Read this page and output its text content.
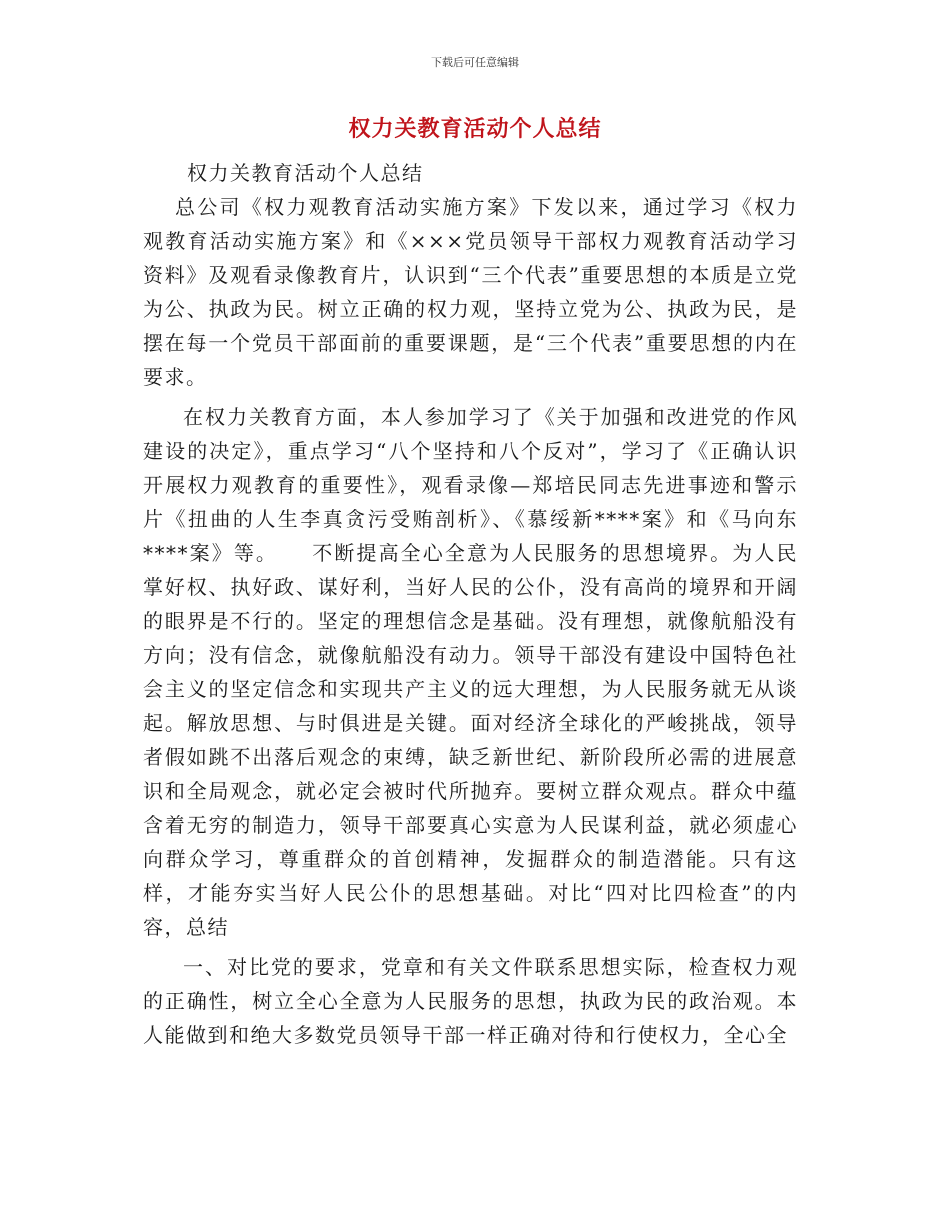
下载后可任意编辑
权力关教育活动个人总结

权力关教育活动个人总结

总公司《权力观教育活动实施方案》下发以来，通过学习《权力观教育活动实施方案》和《×××党员领导干部权力观教育活动学习资料》及观看录像教育片，认识到“三个代表”重要思想的本质是立党为公、执政为民。树立正确的权力观，坚持立党为公、执政为民，是摆在每一个党员干部面前的重要课题，是“三个代表”重要思想的内在要求。

在权力关教育方面，本人参加学习了《关于加强和改进党的作风建设的决定》，重点学习“八个坚持和八个反对”，学习了《正确认识开展权力观教育的重要性》，观看录像—郑培民同志先进事迹和警示片《扭曲的人生李真贪污受贿剖析》、《慕绥新****案》和《马向东****案》等。　　不断提高全心全意为人民服务的思想境界。为人民掌好权、执好政、谋好利，当好人民的公仆，没有高尚的境界和开阔的眼界是不行的。坚定的理想信念是基础。没有理想，就像航船没有方向；没有信念，就像航船没有动力。领导干部没有建设中国特色社会主义的坚定信念和实现共产主义的远大理想，为人民服务就无从谈起。解放思想、与时俱进是关键。面对经济全球化的严峻挑战，领导者假如跳不出落后观念的束缚，缺乏新世纪、新阶段所必需的进展意识和全局观念，就必定会被时代所抛弃。要树立群众观点。群众中蕴含着无穷的制造力，领导干部要真心实意为人民谋利益，就必须虚心向群众学习，尊重群众的首创精神，发掘群众的制造潜能。只有这样，才能夯实当好人民公仆的思想基础。对比“四对比四检查”的内容，总结

一、对比党的要求，党章和有关文件联系思想实际，检查权力观的正确性，树立全心全意为人民服务的思想，执政为民的政治观。本人能做到和绝大多数党员领导干部一样正确对待和行使权力，全心全
